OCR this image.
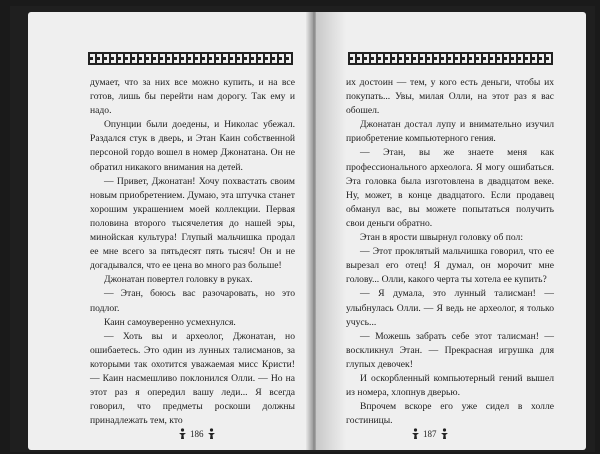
думает, что за них все можно купить, и на все готов, лишь бы перейти нам дорогу. Так ему и надо.

Опунции были доедены, и Николас убежал. Раздался стук в дверь, и Этан Каин собственной персоной гордо вошел в номер Джонатана. Он не обратил никакого внимания на детей.

— Привет, Джонатан! Хочу похвастать своим новым приобретением. Думаю, эта штучка станет хорошим украшением моей коллекции. Первая половина второго тысячелетия до нашей эры, минойская культура! Глупый мальчишка продал ее мне всего за пятьдесят пять тысяч! Он и не догадывался, что ее цена во много раз больше!

Джонатан повертел головку в руках.

— Этан, боюсь вас разочаровать, но это подлог.

Каин самоуверенно усмехнулся.

— Хоть вы и археолог, Джонатан, но ошибаетесь. Это один из лунных талисманов, за которыми так охотится уважаемая мисс Кристи! — Каин насмешливо поклонился Олли. — Но на этот раз я опередил вашу леди... Я всегда говорил, что предметы роскоши должны принадлежать тем, кто

186

их достоин — тем, у кого есть деньги, чтобы их покупать... Увы, милая Олли, на этот раз я вас обошел.

Джонатан достал лупу и внимательно изучил приобретение компьютерного гения.

— Этан, вы же знаете меня как профессионального археолога. Я могу ошибаться. Эта головка была изготовлена в двадцатом веке. Ну, может, в конце двадцатого. Если продавец обманул вас, вы можете попытаться получить свои деньги обратно.

Этан в ярости швырнул головку об пол:

— Этот проклятый мальчишка говорил, что ее вырезал его отец! Я думал, он морочит мне голову... Олли, какого черта ты хотела ее купить?

— Я думала, это лунный талисман! — улыбнулась Олли. — Я ведь не археолог, я только учусь...

— Можешь забрать себе этот талисман! — воскликнул Этан. — Прекрасная игрушка для глупых девочек!

И оскорбленный компьютерный гений вышел из номера, хлопнув дверью.

Впрочем вскоре его уже сидел в холле гостиницы.

187
